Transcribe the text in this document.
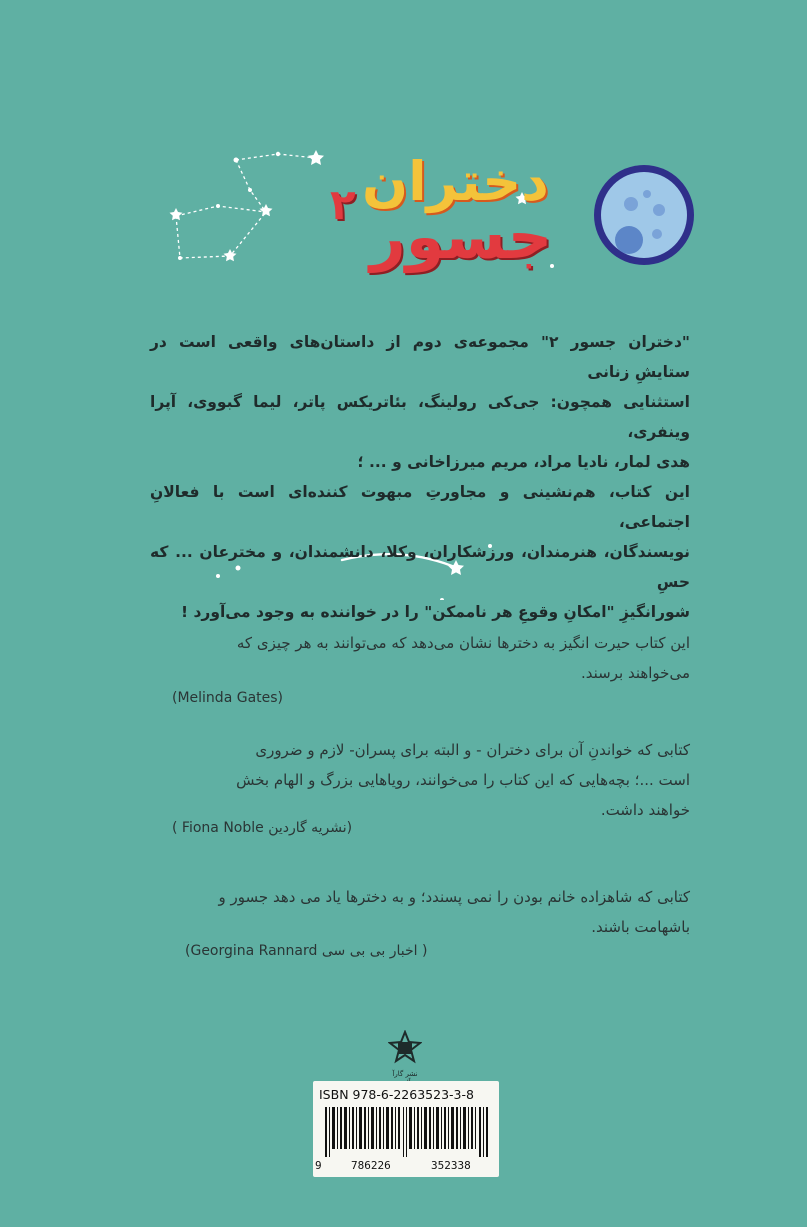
دختران
جسور
۲

"دختران جسور ۲" مجموعه‌ی دوم از داستان‌های واقعی است در ستایشِ زنانی

استثنایی همچون: جی‌کی رولینگ، بئاتریکس پاتر، لیما گبووی، آپرا وینفری،

هدی لمار، نادیا مراد، مریم میرزاخانی و ... ؛

این کتاب، هم‌نشینی و مجاورتِ مبهوت کننده‌ای است با فعالانِ اجتماعی،

نویسندگان، هنرمندان، ورزشکاران، وکلا، دانشمندان، و مخترعان ... که حسِ

شورانگیزِ "امکانِ وقوعِ هر ناممکن" را در خواننده به وجود می‌آورد !

این کتاب حیرت انگیز به دخترها نشان می‌دهد که می‌توانند به هر چیزی که

می‌خواهند برسند.

(Melinda Gates)

کتابی که خواندنِ آن برای دختران - و البته برای پسران- لازم و ضروری

است ...؛ بچه‌هایی که این کتاب را می‌خوانند، رویاهایی بزرگ و الهام بخش

خواهند داشت.

(نشریه گاردین Fiona Noble )

کتابی که شاهزاده خانم بودن را نمی پسندد؛ و به دخترها یاد می دهد جسور و

باشهامت باشند.

( اخبار بی بی سی Georgina Rannard)
نشر گارآ
ISBN 978-6-2263523-3-8
9	786226	352338
